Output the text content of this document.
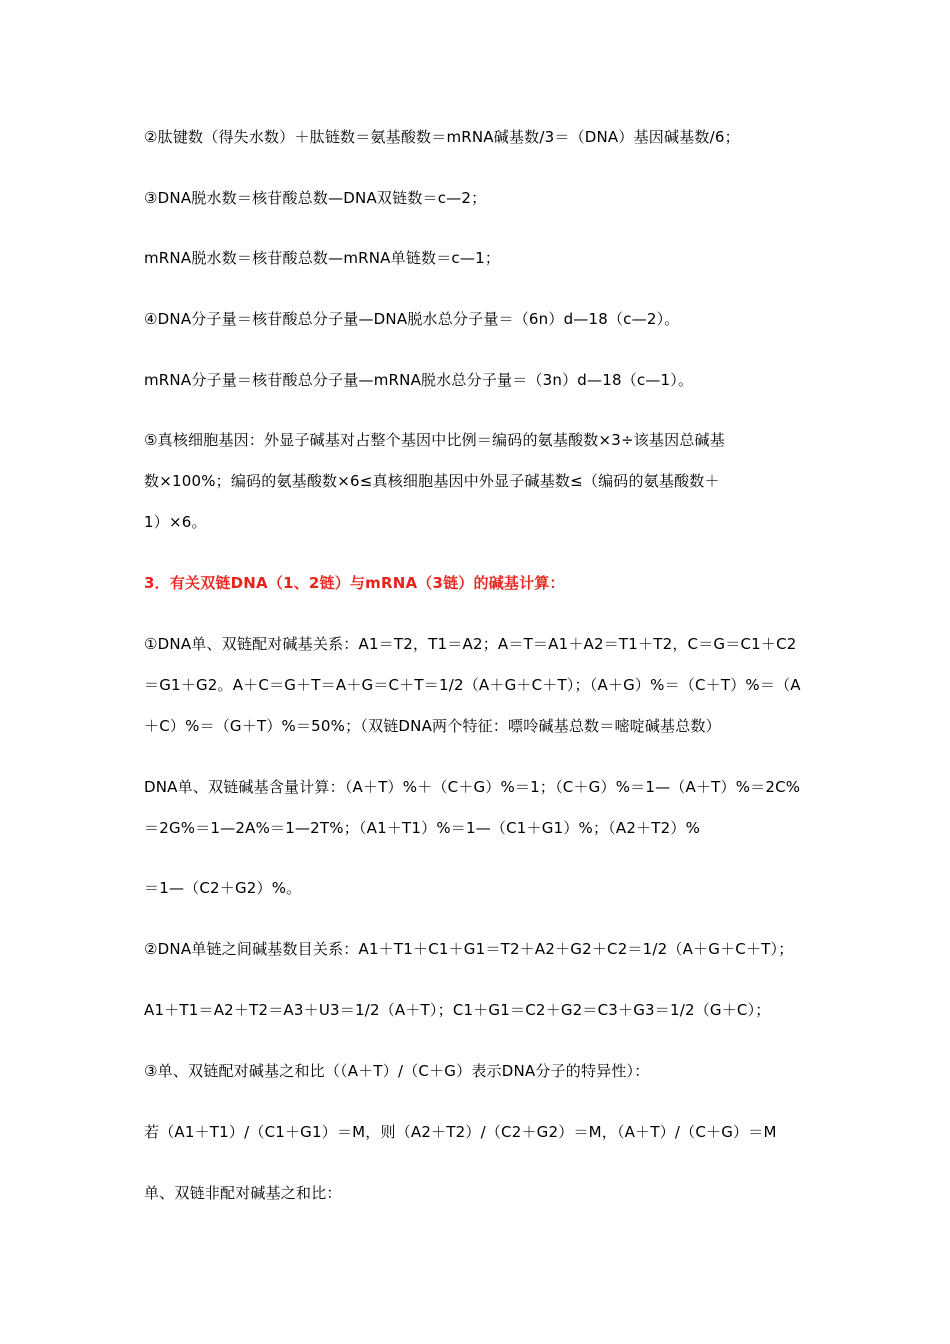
②肽键数（得失水数）＋肽链数＝氨基酸数＝mRNA碱基数/3＝（DNA）基因碱基数/6；
③DNA脱水数＝核苷酸总数—DNA双链数＝c—2；
mRNA脱水数＝核苷酸总数—mRNA单链数＝c—1；
④DNA分子量＝核苷酸总分子量—DNA脱水总分子量＝（6n）d—18（c—2）。
mRNA分子量＝核苷酸总分子量—mRNA脱水总分子量＝（3n）d—18（c—1）。
⑤真核细胞基因：外显子碱基对占整个基因中比例＝编码的氨基酸数×3÷该基因总碱基
数×100%；编码的氨基酸数×6≤真核细胞基因中外显子碱基数≤（编码的氨基酸数＋
1）×6。
3．有关双链DNA（1、2链）与mRNA（3链）的碱基计算：
①DNA单、双链配对碱基关系：A1＝T2，T1＝A2；A＝T＝A1＋A2＝T1＋T2，C＝G＝C1＋C2
＝G1＋G2。A＋C＝G＋T＝A＋G＝C＋T＝1/2（A＋G＋C＋T）；（A＋G）%＝（C＋T）%＝（A
＋C）%＝（G＋T）%＝50%；（双链DNA两个特征：嘌呤碱基总数＝嘧啶碱基总数）
DNA单、双链碱基含量计算：（A＋T）%＋（C＋G）%＝1；（C＋G）%＝1—（A＋T）%＝2C%
＝2G%＝1—2A%＝1—2T%；（A1＋T1）%＝1—（C1＋G1）%；（A2＋T2）%
＝1—（C2＋G2）%。
②DNA单链之间碱基数目关系：A1＋T1＋C1＋G1＝T2＋A2＋G2＋C2＝1/2（A＋G＋C＋T）；
A1＋T1＝A2＋T2＝A3＋U3＝1/2（A＋T）；C1＋G1＝C2＋G2＝C3＋G3＝1/2（G＋C）；
③单、双链配对碱基之和比（（A＋T）/（C＋G）表示DNA分子的特异性）：
若（A1＋T1）/（C1＋G1）＝M，则（A2＋T2）/（C2＋G2）＝M，（A＋T）/（C＋G）＝M
单、双链非配对碱基之和比：
